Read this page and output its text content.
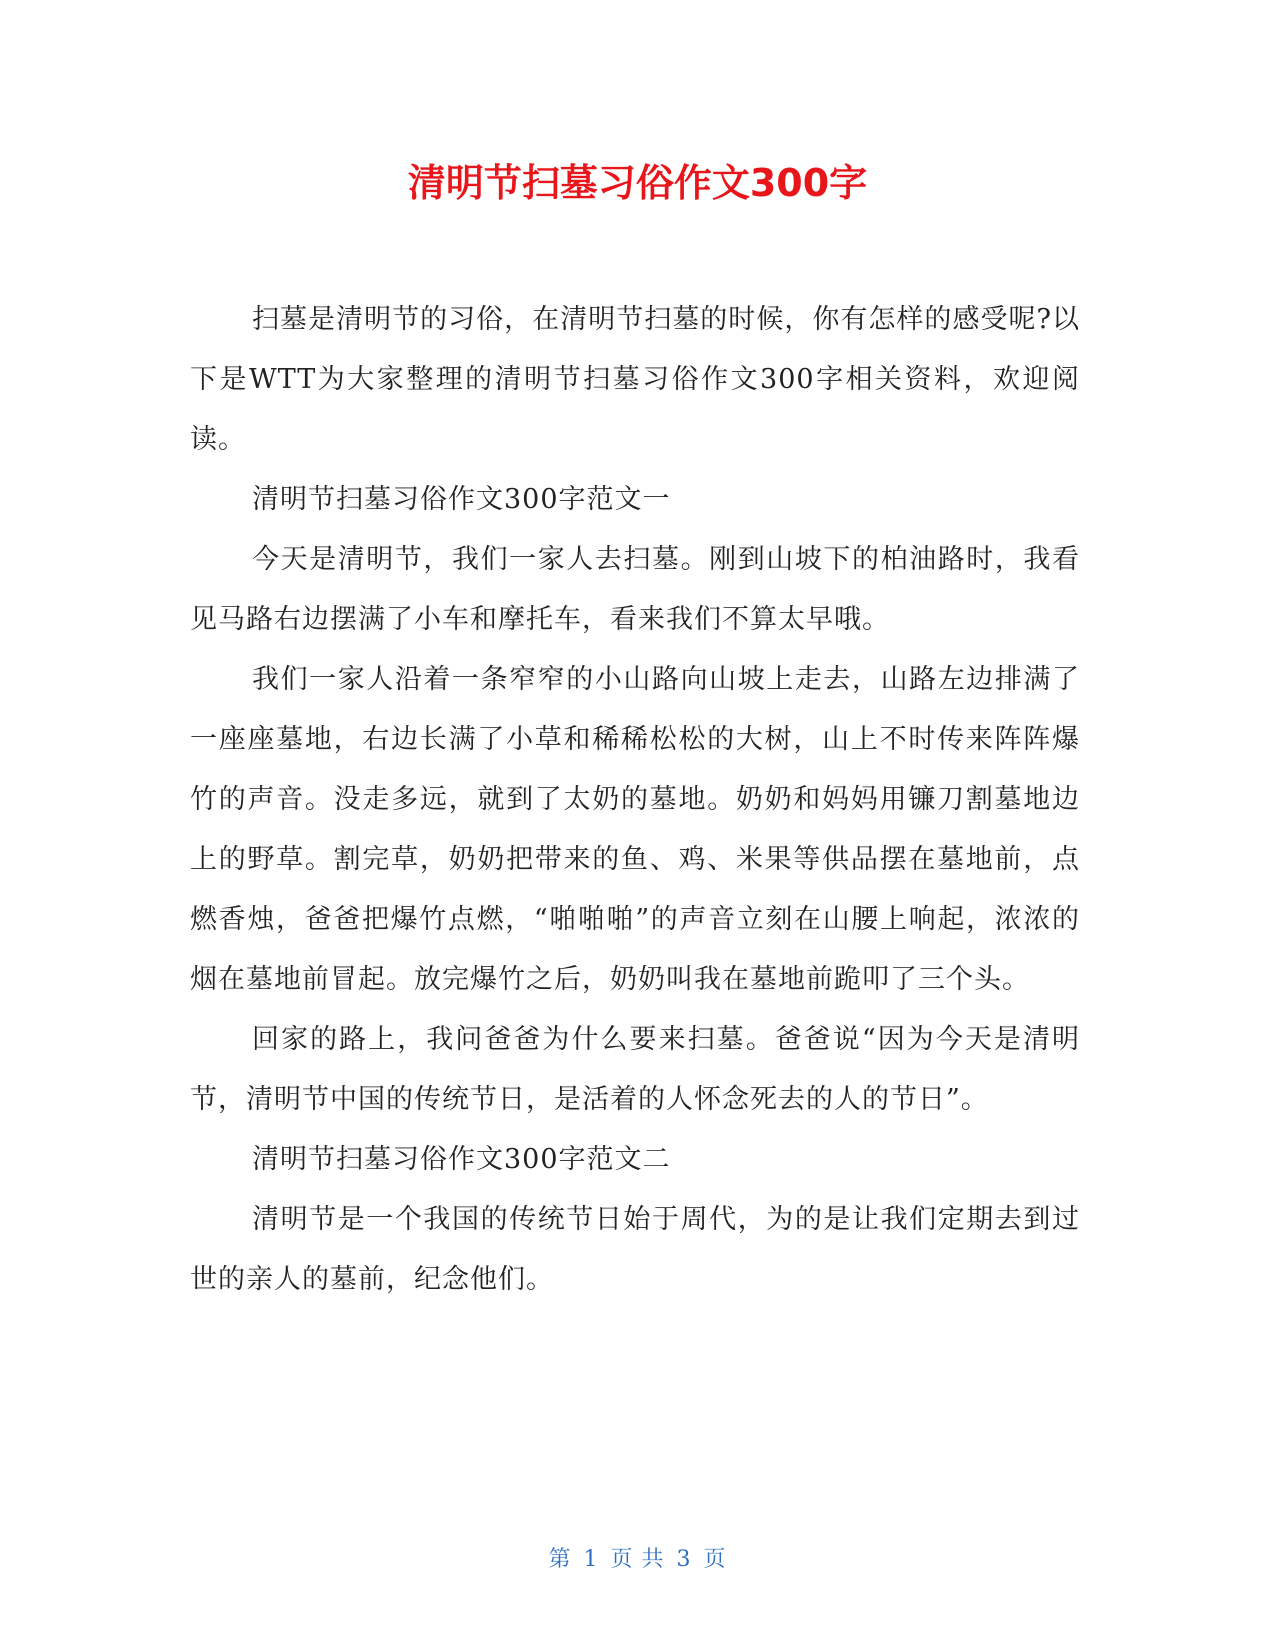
清明节扫墓习俗作文300字

扫墓是清明节的习俗，在清明节扫墓的时候，你有怎样的感受呢?以下是WTT为大家整理的清明节扫墓习俗作文300字相关资料，欢迎阅读。

清明节扫墓习俗作文300字范文一

今天是清明节，我们一家人去扫墓。刚到山坡下的柏油路时，我看见马路右边摆满了小车和摩托车，看来我们不算太早哦。

我们一家人沿着一条窄窄的小山路向山坡上走去，山路左边排满了一座座墓地，右边长满了小草和稀稀松松的大树，山上不时传来阵阵爆竹的声音。没走多远，就到了太奶的墓地。奶奶和妈妈用镰刀割墓地边上的野草。割完草，奶奶把带来的鱼、鸡、米果等供品摆在墓地前，点燃香烛，爸爸把爆竹点燃，“啪啪啪”的声音立刻在山腰上响起，浓浓的烟在墓地前冒起。放完爆竹之后，奶奶叫我在墓地前跪叩了三个头。

回家的路上，我问爸爸为什么要来扫墓。爸爸说“因为今天是清明节，清明节中国的传统节日，是活着的人怀念死去的人的节日”。

清明节扫墓习俗作文300字范文二

清明节是一个我国的传统节日始于周代，为的是让我们定期去到过世的亲人的墓前，纪念他们。

第 1 页 共 3 页
